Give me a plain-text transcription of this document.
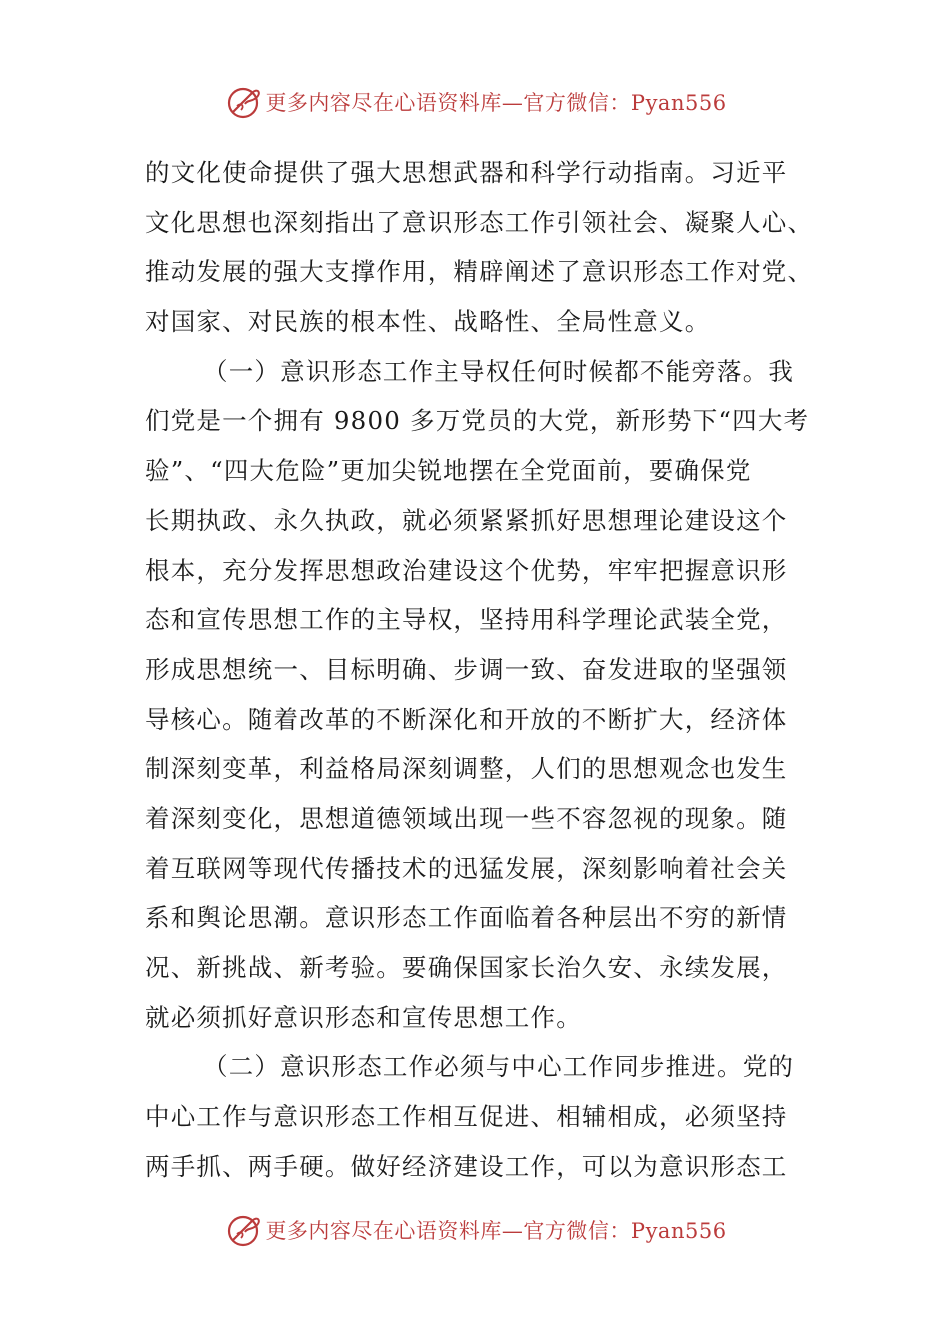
更多内容尽在心语资料库—官方微信：Pyan556
的文化使命提供了强大思想武器和科学行动指南。习近平
文化思想也深刻指出了意识形态工作引领社会、凝聚人心、
推动发展的强大支撑作用，精辟阐述了意识形态工作对党、
对国家、对民族的根本性、战略性、全局性意义。
（一）意识形态工作主导权任何时候都不能旁落。我
们党是一个拥有 9800 多万党员的大党，新形势下“四大考
验”、“四大危险”更加尖锐地摆在全党面前，要确保党
长期执政、永久执政，就必须紧紧抓好思想理论建设这个
根本，充分发挥思想政治建设这个优势，牢牢把握意识形
态和宣传思想工作的主导权，坚持用科学理论武装全党，
形成思想统一、目标明确、步调一致、奋发进取的坚强领
导核心。随着改革的不断深化和开放的不断扩大，经济体
制深刻变革，利益格局深刻调整，人们的思想观念也发生
着深刻变化，思想道德领域出现一些不容忽视的现象。随
着互联网等现代传播技术的迅猛发展，深刻影响着社会关
系和舆论思潮。意识形态工作面临着各种层出不穷的新情
况、新挑战、新考验。要确保国家长治久安、永续发展，
就必须抓好意识形态和宣传思想工作。
（二）意识形态工作必须与中心工作同步推进。党的
中心工作与意识形态工作相互促进、相辅相成，必须坚持
两手抓、两手硬。做好经济建设工作，可以为意识形态工
更多内容尽在心语资料库—官方微信：Pyan556
